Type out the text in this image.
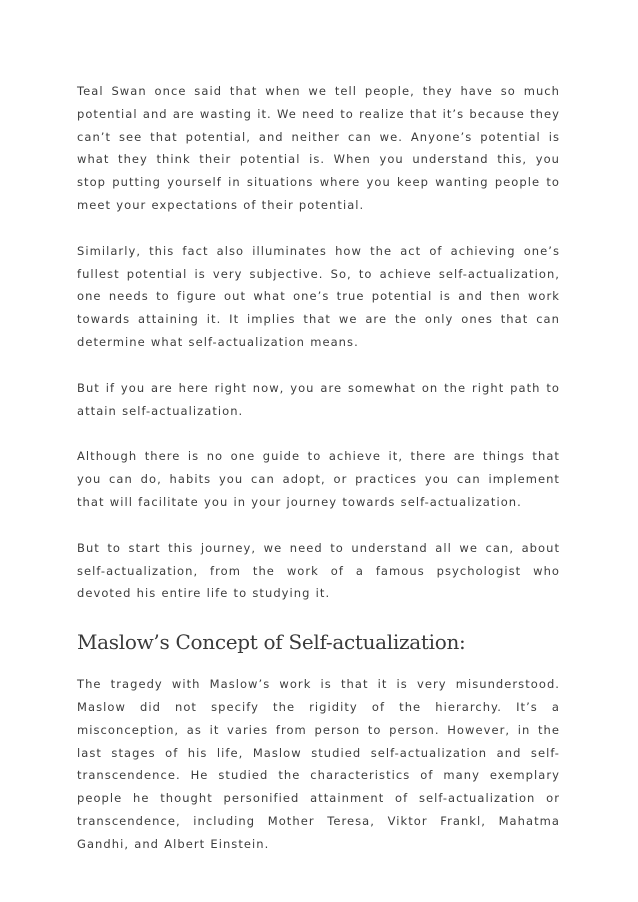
Teal Swan once said that when we tell people, they have so much potential and are wasting it. We need to realize that it’s because they can’t see that potential, and neither can we. Anyone’s potential is what they think their potential is. When you understand this, you stop putting yourself in situations where you keep wanting people to meet your expectations of their potential.

Similarly, this fact also illuminates how the act of achieving one’s fullest potential is very subjective. So, to achieve self-actualization, one needs to figure out what one’s true potential is and then work towards attaining it. It implies that we are the only ones that can determine what self-actualization means.

But if you are here right now, you are somewhat on the right path to attain self-actualization.

Although there is no one guide to achieve it, there are things that you can do, habits you can adopt, or practices you can implement that will facilitate you in your journey towards self-actualization.

But to start this journey, we need to understand all we can, about self-actualization, from the work of a famous psychologist who devoted his entire life to studying it.

Maslow’s Concept of Self-actualization:

The tragedy with Maslow’s work is that it is very misunderstood. Maslow did not specify the rigidity of the hierarchy. It’s a misconception, as it varies from person to person. However, in the last stages of his life, Maslow studied self-actualization and self-transcendence. He studied the characteristics of many exemplary people he thought personified attainment of self-actualization or transcendence, including Mother Teresa, Viktor Frankl, Mahatma Gandhi, and Albert Einstein.
